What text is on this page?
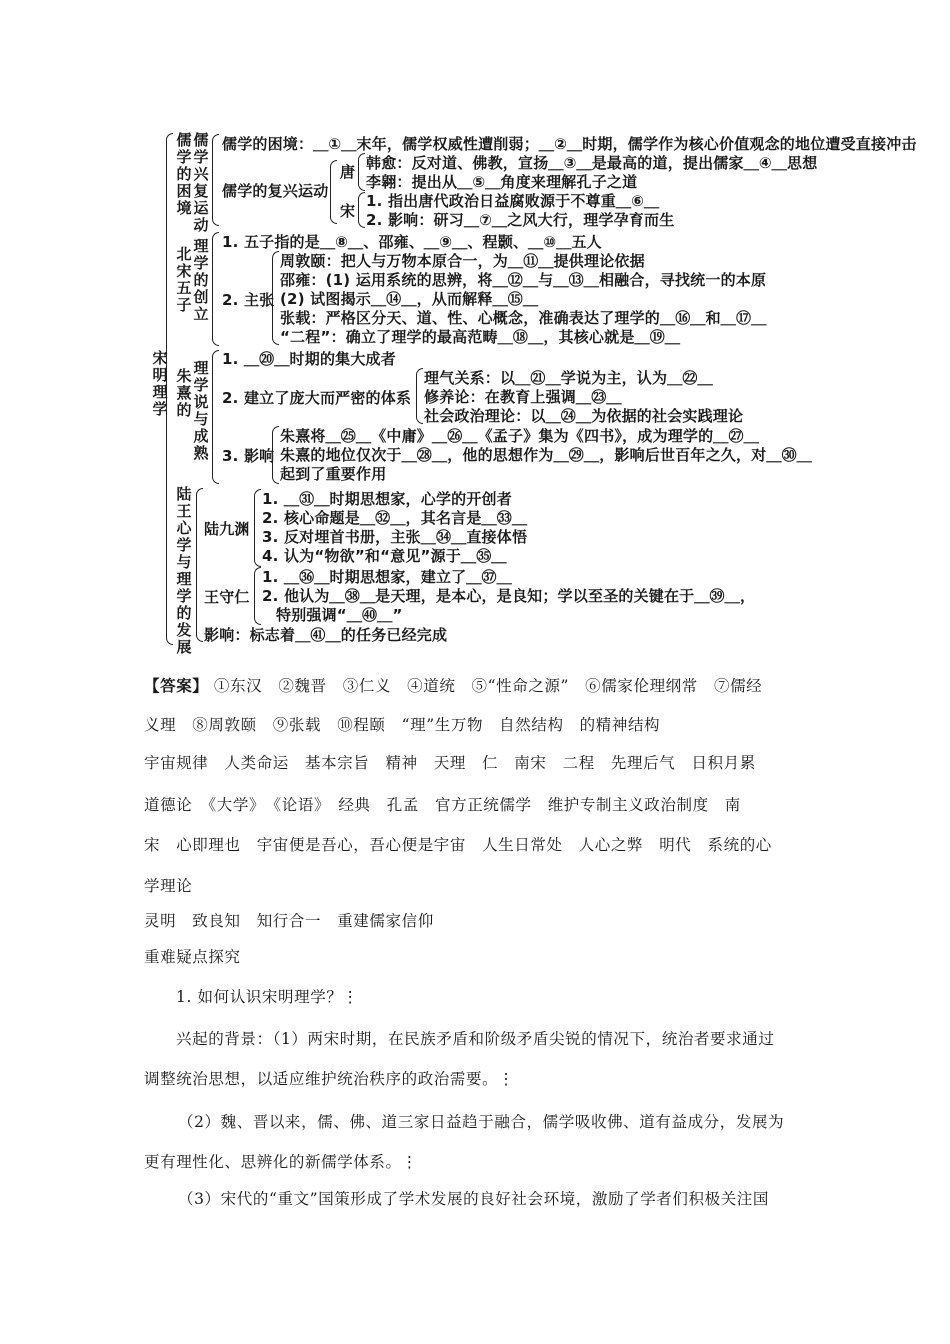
宋明理学
儒学的困境
儒学兴复运动
儒学的困境：＿①＿末年，儒学权威性遭削弱；＿②＿时期，儒学作为核心价值观念的地位遭受直接冲击
儒学的复兴运动
唐 韩愈：反对道、佛教，宣扬＿③＿是最高的道，提出儒家＿④＿思想
李翱：提出从＿⑤＿角度来理解孔子之道
宋
1. 指出唐代政治日益腐败源于不尊重＿⑥＿
2. 影响：研习＿⑦＿之风大行，理学孕育而生
北宋五子
理学的创立
1. 五子指的是＿⑧＿、邵雍、＿⑨＿、程颢、＿⑩＿五人
2. 主张
周敦颐：把人与万物本原合一，为＿⑪＿提供理论依据
邵雍：(1) 运用系统的思辨，将＿⑫＿与＿⑬＿相融合，寻找统一的本原
(2) 试图揭示＿⑭＿，从而解释＿⑮＿
张载：严格区分天、道、性、心概念，准确表达了理学的＿⑯＿和＿⑰＿
“二程”：确立了理学的最高范畴＿⑱＿，其核心就是＿⑲＿
朱熹的
理学说与成熟
1. ＿⑳＿时期的集大成者
2. 建立了庞大而严密的体系
理气关系：以＿㉑＿学说为主，认为＿㉒＿
修养论：在教育上强调＿㉓＿
社会政治理论：以＿㉔＿为依据的社会实践理论
3. 影响
朱熹将＿㉕＿《中庸》＿㉖＿《孟子》集为《四书》，成为理学的＿㉗＿
朱熹的地位仅次于＿㉘＿，他的思想作为＿㉙＿，影响后世百年之久，对＿㉚＿
起到了重要作用
陆王心学与理学的发展
陆九渊
1. ＿㉛＿时期思想家，心学的开创者
2. 核心命题是＿㉜＿，其名言是＿㉝＿
3. 反对埋首书册，主张＿㉞＿直接体悟
4. 认为“物欲”和“意见”源于＿㉟＿
王守仁
1. ＿㊱＿时期思想家，建立了＿㊲＿
2. 他认为＿㊳＿是天理，是本心，是良知；学以至圣的关键在于＿㊴＿，
特别强调“＿㊵＿”
影响：标志着＿㊶＿的任务已经完成
【答案】 ①东汉　②魏晋　③仁义　④道统　⑤“性命之源”　⑥儒家伦理纲常　⑦儒经
义理　⑧周敦颐　⑨张载　⑩程颐　“理”生万物　自然结构　的精神结构
宇宙规律　人类命运　基本宗旨　精神　天理　仁　南宋　二程　先理后气　日积月累
道德论　《大学》　《论语》　经典　孔孟　官方正统儒学　维护专制主义政治制度　南
宋　心即理也　宇宙便是吾心，吾心便是宇宙　人生日常处　人心之弊　明代　系统的心
学理论
灵明　致良知　知行合一　重建儒家信仰
重难疑点探究
1. 如何认识宋明理学？⋮
兴起的背景：（1）两宋时期，在民族矛盾和阶级矛盾尖锐的情况下，统治者要求通过
调整统治思想，以适应维护统治秩序的政治需要。⋮
（2）魏、晋以来，儒、佛、道三家日益趋于融合，儒学吸收佛、道有益成分，发展为
更有理性化、思辨化的新儒学体系。⋮
（3）宋代的“重文”国策形成了学术发展的良好社会环境，激励了学者们积极关注国
